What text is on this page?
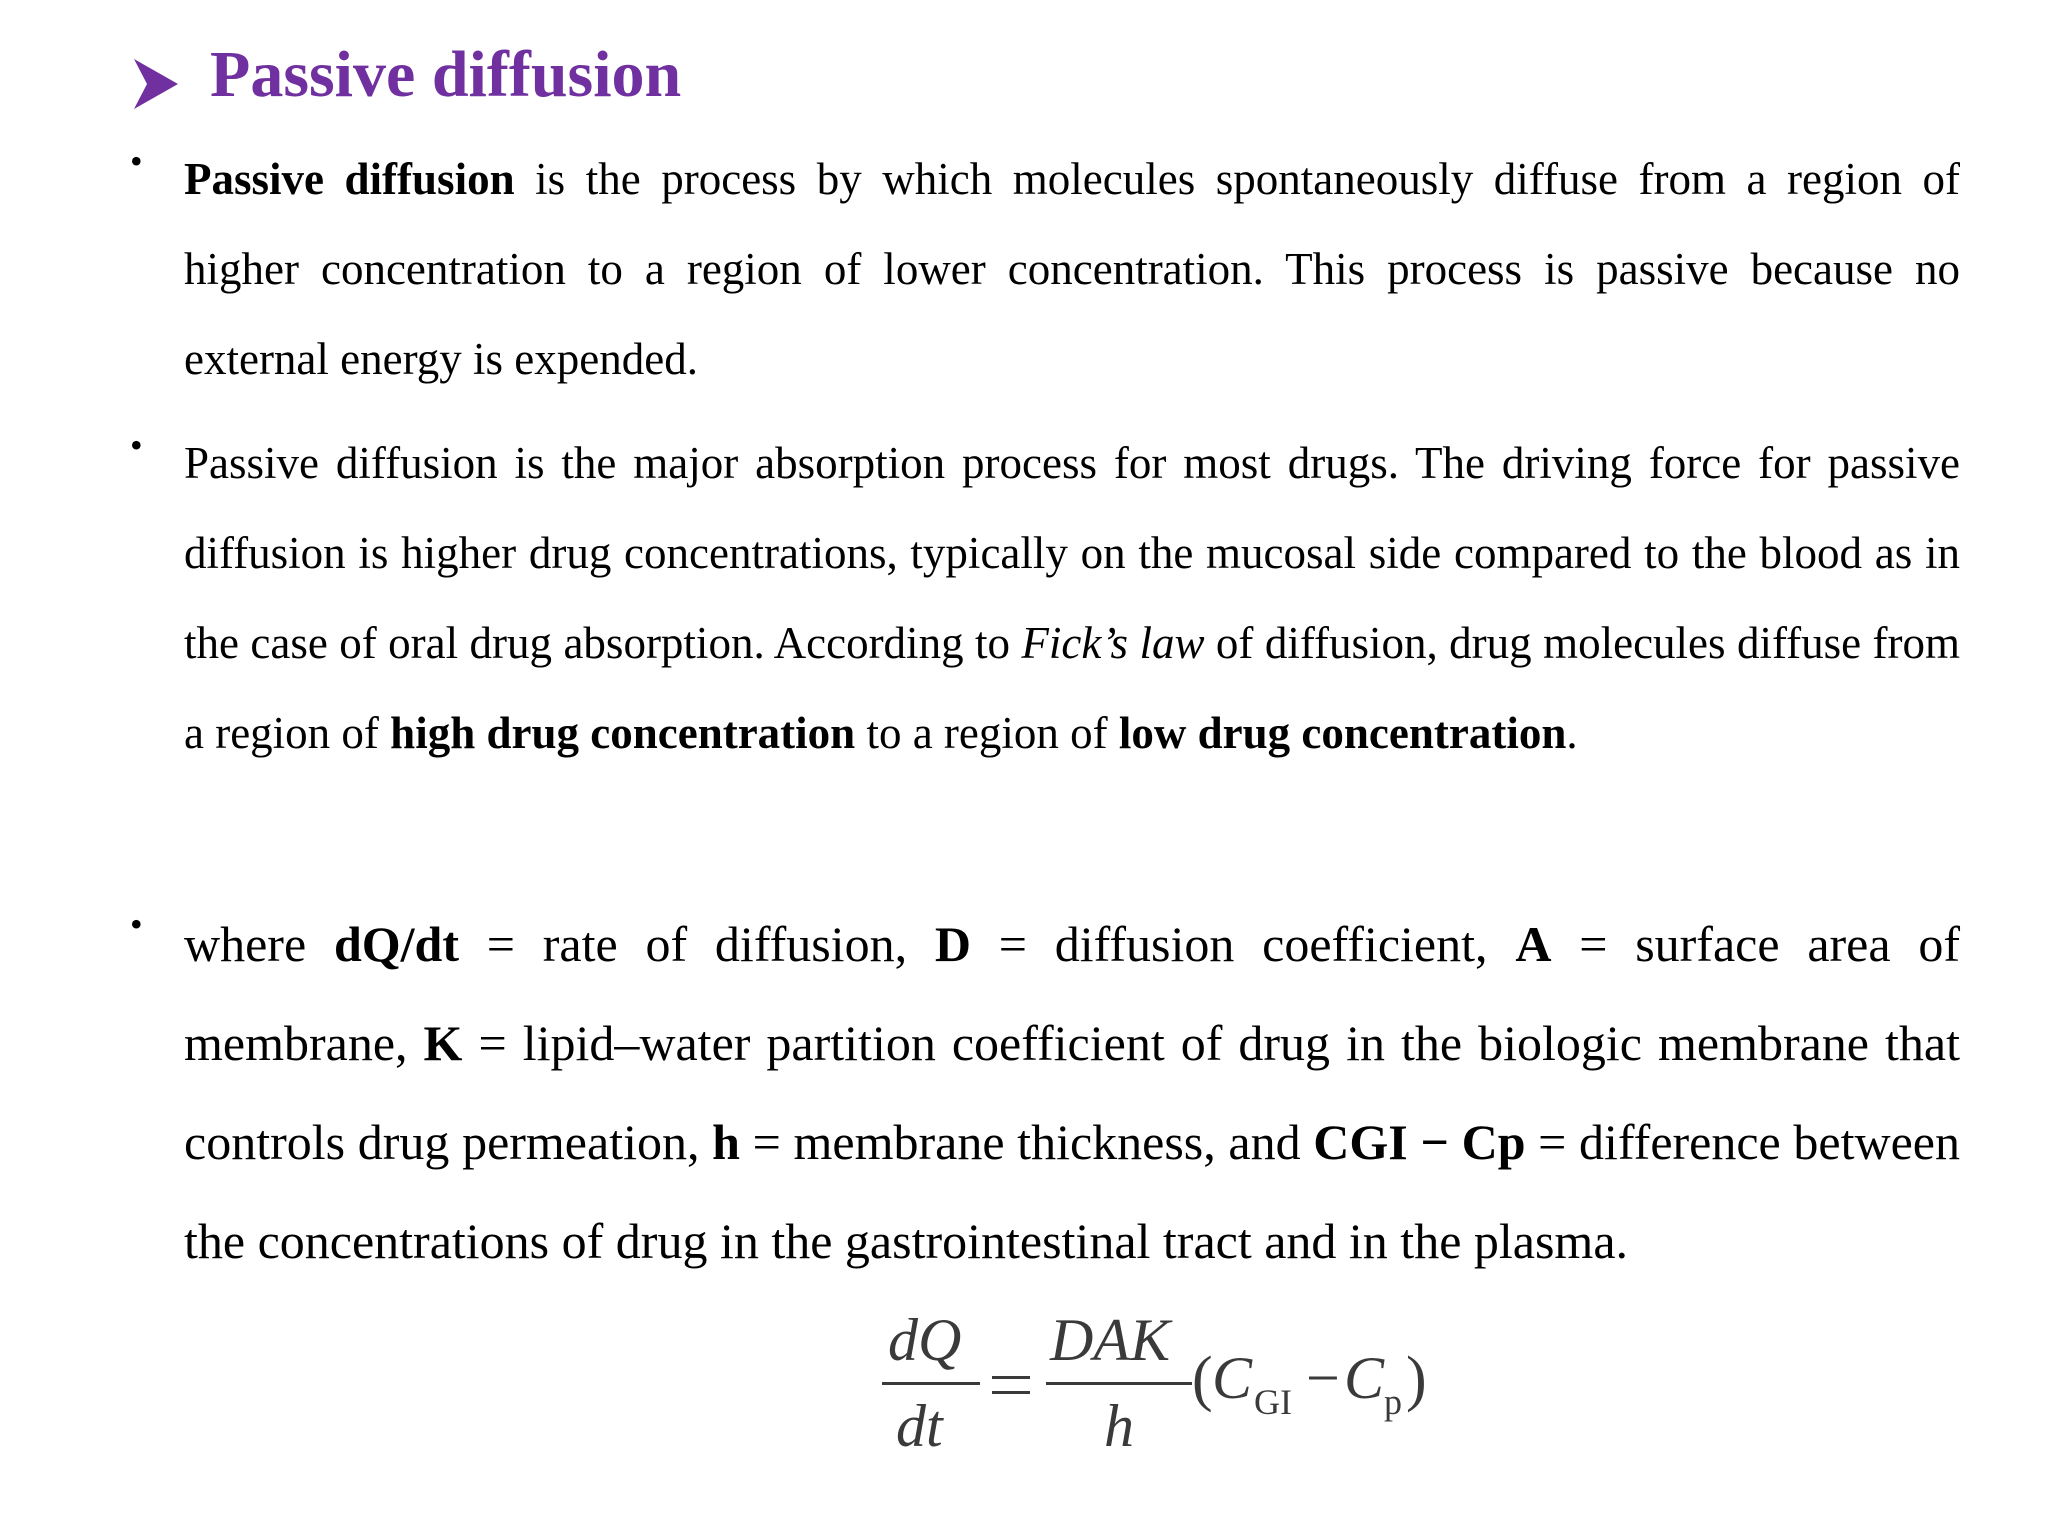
Passive diffusion
• Passive diffusion is the process by which molecules spontaneously diffuse from a region of higher concentration to a region of lower concentration. This process is passive because no external energy is expended.

• Passive diffusion is the major absorption process for most drugs. The driving force for passive diffusion is higher drug concentrations, typically on the mucosal side compared to the blood as in the case of oral drug absorption. According to Fick’s law of diffusion, drug molecules diffuse from a region of high drug concentration to a region of low drug concentration.

• where dQ/dt = rate of diffusion, D = diffusion coefficient, A = surface area of membrane, K = lipid–water partition coefficient of drug in the biologic membrane that controls drug permeation, h = membrane thickness, and CGI − Cp = difference between the concentrations of drug in the gastrointestinal tract and in the plasma.

dQ
dt
DAK
h
( C GI − C p )
